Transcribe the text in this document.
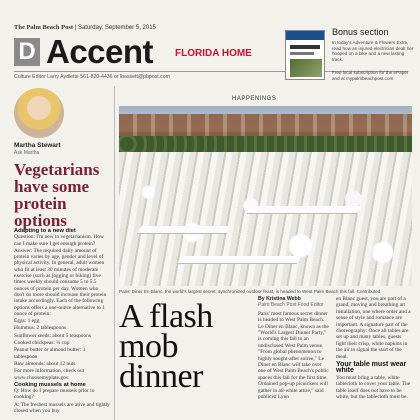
The Palm Beach Post | Saturday, September 5, 2015
D Accent FLORIDA HOME
Culture Editor Larry Aydlette 561-820-4436 or lbassett@pbpost.com
Bonus section
In today's Adventure & Flowers Extra, read how an injured electrician dealt her hooped on a bike and a new lasting track.
Free local subscription for the ePaper and at mypalmbeachpost.com
Martha Stewart
Ask Martha
Vegetarians have some protein options
Adapting to a new diet

Question: I'm new to vegetarianism. How can I make sure I get enough protein?

Answer: The required daily amount of protein varies by age, gender and level of physical activity. In general, adult women who fit at least 30 minutes of moderate exercise (such as jogging or biking) five times weekly should consume 5 to 5.5 ounces of protein per day. Women who don't do more should increase their protein intake accordingly. Each of the following options offers a one-ounce alternative to 1 ounce of protein:

Eggs: 1 egg

Hummus: 2 tablespoons

Sunflower seeds: about 5 teaspoons

Cooked chickpeas: ¼ cup

Peanut butter or almond butter: 1 tablespoon

Raw almonds: about 12 nuts

For more information, check out www.choosemyplate.gov.

Cooking mussels at home

Q: How do I prepare mussels prior to cooking?

A: The freshest mussels are alive and tightly closed when you buy

HAPPENINGS
Paris' Diner En Blanc, the world's largest secret, synchronized outdoor feast, is headed to West Palm Beach this fall. Contributed
A flash mob dinner
By Kristina Webb
Palm Beach Post Food Editor

Paris' most famous secret dinner is headed to West Palm Beach. Le Diner en Blanc, known as the "World's Largest Dinner Party," is coming this fall to an undisclosed West Palm venue. "From global phenomenon to highly sought-after soiree," Le Diner en Blanc will take over one of West Palm Beach's public spaces this fall for the first time. Ordained pop-up picnickers will gather in all-white attire," said publicist Lynn

en Blanc guest, you are part of a grand, moving and breathing art installation, one where order and a sense of style and romance are important. A signature part of the choreography: Once all tables are set up and many tables, guests light their crisp, white napkins in the air to signal the start of the meal.

Your table must wear white

You must bring a table, white tablecloth to cover your table. The table itself does not have to be white, but the tablecloth must be.
